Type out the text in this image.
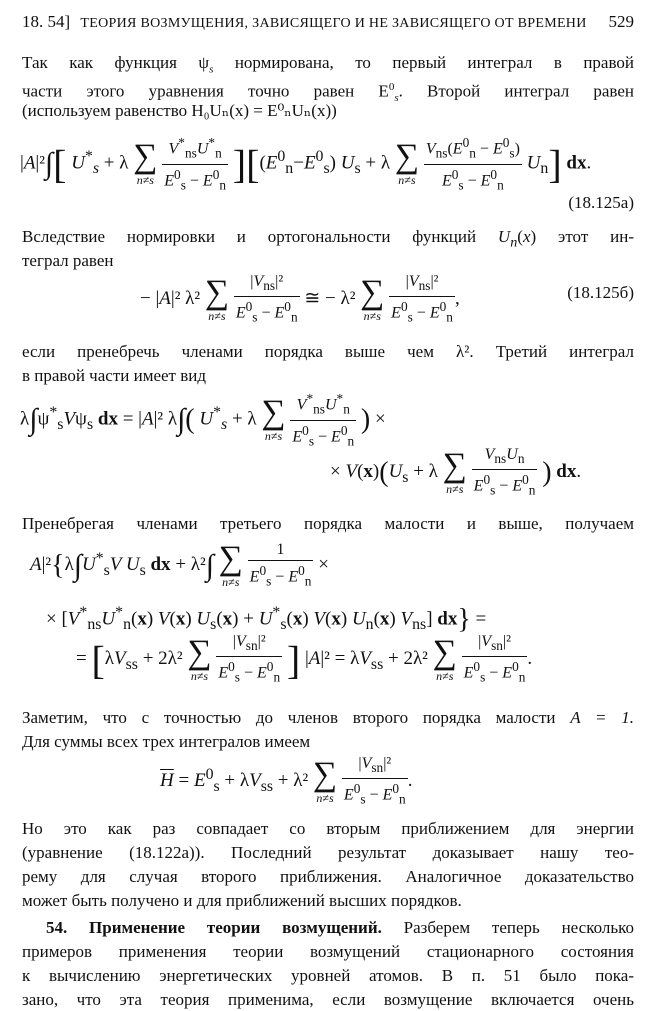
18. 54] ТЕОРИЯ ВОЗМУЩЕНИЯ, ЗАВИСЯЩЕГО И НЕ ЗАВИСЯЩЕГО ОТ ВРЕМЕНИ 529
Так как функция $\psi_s$ нормирована, то первый интеграл в правой
части этого уравнения точно равен $E^0_s$. Второй интеграл равен
(используем равенство H₀Uₙ(x) = E⁰ₙUₙ(x))
|A|²∫[ $U^*_s + \lambda$ ∑
n≠s
$\frac{V^*_{ns}U^*_n}{E^0_s - E^0_n} ][(E^0_n-E^0_s) U_s + \lambda$ ∑
n≠s
$\frac{V_{ns}(E^0_n - E^0_s)}{E^0_s - E^0_n} U_n$] dx.
(18.125a)
Вследствие нормировки и ортогональности функций $U_n(x)$ этот ин-
теграл равен
− |A|² λ² ∑
n≠s
$\frac{|V_{ns}|^2}{E^0_s - E^0_n}$ ≅ − λ² ∑
n≠s
$\frac{|V_{ns}|^2}{E^0_s - E^0_n}$ ,	(18.125б)
если пренебречь членами порядка выше чем λ². Третий интеграл
в правой части имеет вид
$\lambda\int\psi^*_sV\psi_s$ dx = |A|² λ∫( $U^*_s + \lambda$ ∑
n≠s
$\frac{V^*_{ns}U^*_n}{E^0_s - E^0_n}$ ) ×
× $V(x)(U_s + \lambda$ ∑
n≠s
$\frac{V_{ns}U_n}{E^0_s - E^0_n}$ ) dx.
Пренебрегая членами третьего порядка малости и выше, получаем
$A|^2\{\lambda\int U^*_sV$ $U_s$ dx + λ²∫ ∑
n≠s
$\frac{1}{E^0_s - E^0_n}$ ×
× [$V^*_{ns}U^*_n(x)$ V(x) $U_s(x) + U^*_s(x)$ V(x) $U_n(x)$ $V_{ns}$] dx} =
= [$\lambda V_{ss} + 2\lambda^2$ ∑
n≠s
$\frac{|V_{sn}|^2}{E^0_s - E^0_n}$ ] $|A|^2 = \lambda V_{ss} + 2\lambda^2$ ∑
n≠s
$\frac{|V_{sn}|^2}{E^0_s - E^0_n}$ .
Заметим, что с точностью до членов второго порядка малости A = 1.
Для суммы всех трех интегралов имеем
$\overline{H} = E^0_s + \lambda V_{ss} + \lambda^2$ ∑
n≠s
$\frac{|V_{sn}|^2}{E^0_s - E^0_n}$ .
Но это как раз совпадает со вторым приближением для энергии
(уравнение (18.122а)). Последний результат доказывает нашу тео-
рему для случая второго приближения. Аналогичное доказательство
может быть получено и для приближений высших порядков.
54. Применение теории возмущений. Разберем теперь несколько
примеров применения теории возмущений стационарного состояния
к вычислению энергетических уровней атомов. В п. 51 было пока-
зано, что эта теория применима, если возмущение включается очень
